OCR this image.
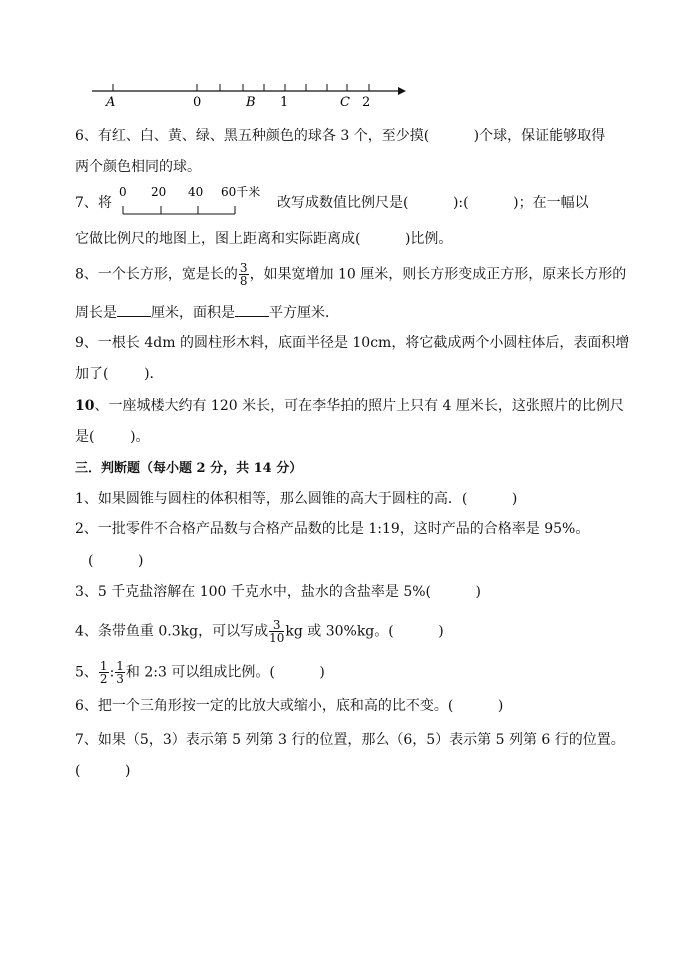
A	0	B 1	C 2
6、有红、白、黄、绿、黑五种颜色的球各 3 个，至少摸(          )个球，保证能够取得
两个颜色相同的球。
7、将
0 20 40 60千米
改写成数值比例尺是(          ):(          )；在一幅以
它做比例尺的地图上，图上距离和实际距离成(          )比例。
8、一个长方形，宽是长的 $\frac{3}{8}$ ，如果宽增加 10 厘米，则长方形变成正方形，原来长方形的
周长是 厘米，面积是 平方厘米．
9、一根长 4dm 的圆柱形木料，底面半径是 10cm，将它截成两个小圆柱体后，表面积增
加了(        )．
10、一座城楼大约有 120 米长，可在李华拍的照片上只有 4 厘米长，这张照片的比例尺
是(        )。
三．判断题（每小题 2 分，共 14 分）
1、如果圆锥与圆柱的体积相等，那么圆锥的高大于圆柱的高．(          )
2、一批零件不合格产品数与合格产品数的比是 1:19，这时产品的合格率是 95%。
(          )
3、5 千克盐溶解在 100 千克水中，盐水的含盐率是 5%(          )
4、条带鱼重 0.3kg，可以写成 $\frac{3}{10}$ kg 或 30%kg。(          )
5、 $\frac{1}{2}$ : $\frac{1}{3}$ 和 2:3 可以组成比例。(          )
6、把一个三角形按一定的比放大或缩小，底和高的比不变。(          )
7、如果（5，3）表示第 5 列第 3 行的位置，那么（6，5）表示第 5 列第 6 行的位置。
(          )
